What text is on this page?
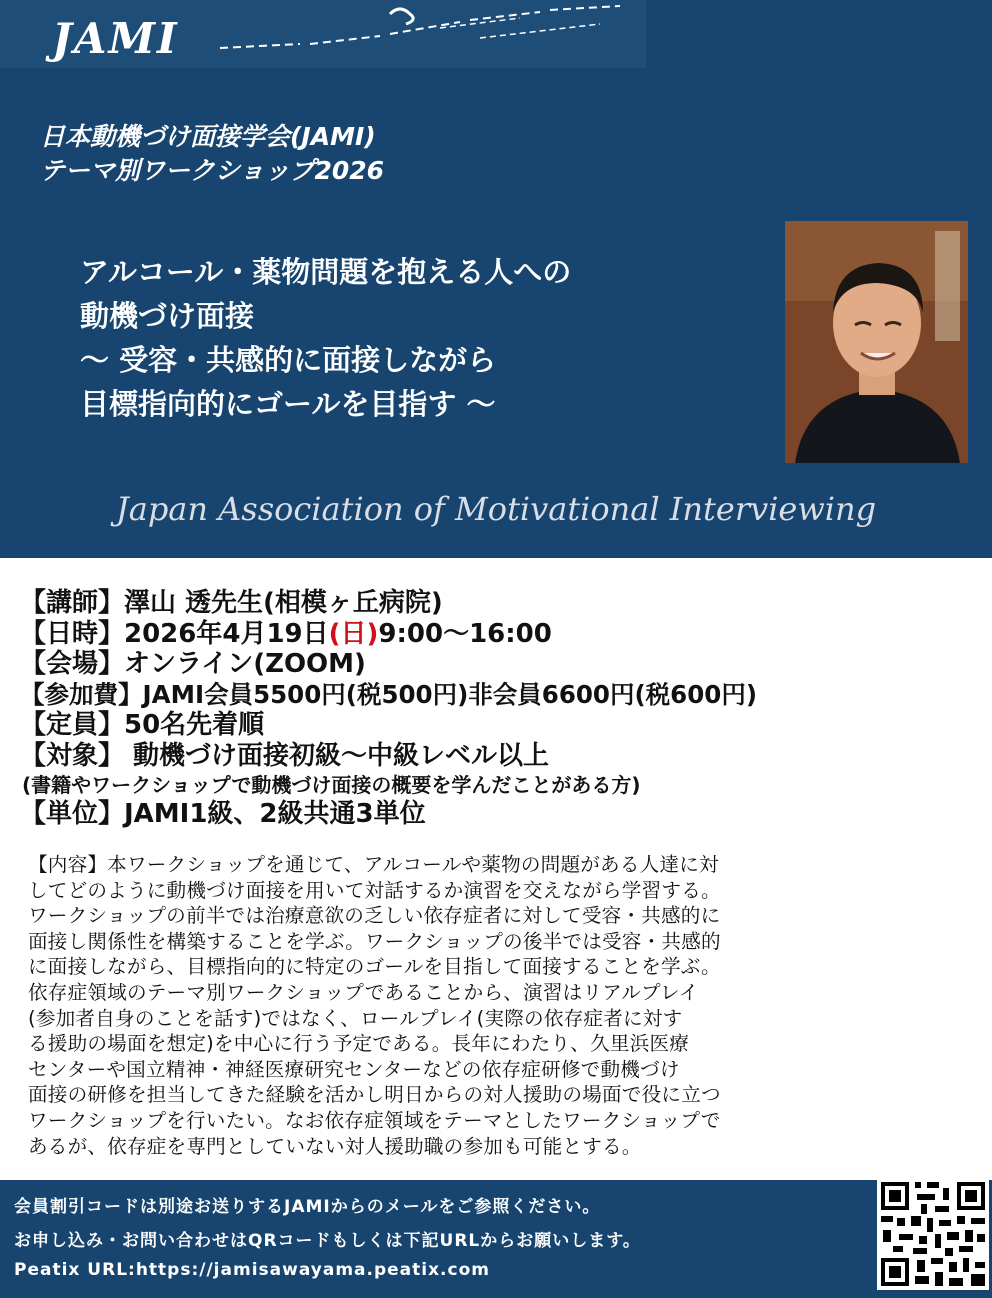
JAMI
日本動機づけ面接学会(JAMI)
テーマ別ワークショップ2026
アルコール・薬物問題を抱える人への
動機づけ面接
〜 受容・共感的に面接しながら
目標指向的にゴールを目指す 〜
Japan Association of Motivational Interviewing
【講師】澤山 透先生(相模ヶ丘病院)
【日時】2026年4月19日(日)9:00〜16:00
【会場】オンライン(ZOOM)
【参加費】JAMI会員5500円(税500円)非会員6600円(税600円)
【定員】50名先着順
【対象】 動機づけ面接初級〜中級レベル以上
(書籍やワークショップで動機づけ面接の概要を学んだことがある方)
【単位】JAMI1級、2級共通3単位
【内容】本ワークショップを通じて、アルコールや薬物の問題がある人達に対
してどのように動機づけ面接を用いて対話するか演習を交えながら学習する。
ワークショップの前半では治療意欲の乏しい依存症者に対して受容・共感的に
面接し関係性を構築することを学ぶ。ワークショップの後半では受容・共感的
に面接しながら、目標指向的に特定のゴールを目指して面接することを学ぶ。
依存症領域のテーマ別ワークショップであることから、演習はリアルプレイ
(参加者自身のことを話す)ではなく、ロールプレイ(実際の依存症者に対す
る援助の場面を想定)を中心に行う予定である。長年にわたり、久里浜医療
センターや国立精神・神経医療研究センターなどの依存症研修で動機づけ
面接の研修を担当してきた経験を活かし明日からの対人援助の場面で役に立つ
ワークショップを行いたい。なお依存症領域をテーマとしたワークショップで
あるが、依存症を専門としていない対人援助職の参加も可能とする。
会員割引コードは別途お送りするJAMIからのメールをご参照ください。
お申し込み・お問い合わせはQRコードもしくは下記URLからお願いします。
Peatix URL:https://jamisawayama.peatix.com
